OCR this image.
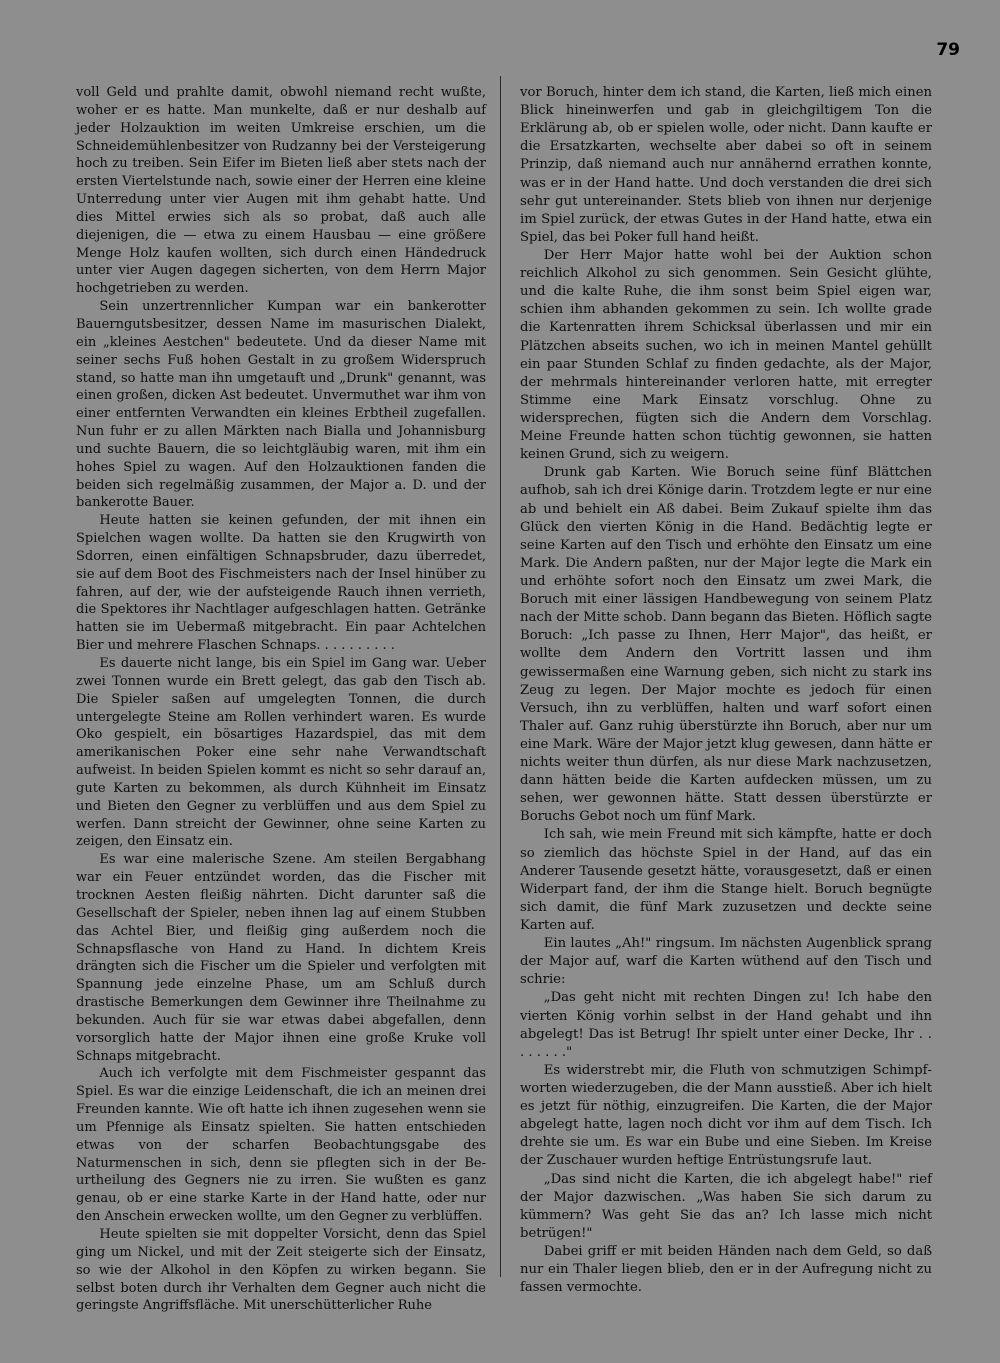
79

voll Geld und prahlte damit, obwohl niemand recht wußte, woher er es hatte. Man munkelte, daß er nur deshalb auf jeder Holzauktion im weiten Umkreise erschien, um die Schneidemühlenbesitzer von Rudzanny bei der Versteigerung hoch zu treiben. Sein Eifer im Bieten ließ aber stets nach der ersten Viertelstunde nach, sowie einer der Herren eine kleine Unterredung unter vier Augen mit ihm gehabt hatte. Und dies Mittel erwies sich als so probat, daß auch alle diejenigen, die — etwa zu einem Hausbau — eine größere Menge Holz kaufen wollten, sich durch einen Händedruck unter vier Augen dagegen sicherten, von dem Herrn Major hochgetrieben zu werden.

Sein unzertrennlicher Kumpan war ein bankerotter Bauerngutsbesitzer, dessen Name im masurischen Dialekt, ein „kleines Aestchen" bedeutete. Und da dieser Name mit seiner sechs Fuß hohen Gestalt in zu großem Widerspruch stand, so hatte man ihn umgetauft und „Drunk" genannt, was einen großen, dicken Ast bedeutet. Unvermuthet war ihm von einer entfernten Verwandten ein kleines Erbtheil zugefallen. Nun fuhr er zu allen Märkten nach Bialla und Johannisburg und suchte Bauern, die so leichtgläubig waren, mit ihm ein hohes Spiel zu wagen. Auf den Holzauktionen fanden die beiden sich regelmäßig zusammen, der Major a. D. und der bankerotte Bauer.

Heute hatten sie keinen gefunden, der mit ihnen ein Spielchen wagen wollte. Da hatten sie den Krugwirth von Sdorren, einen einfältigen Schnapsbruder, dazu überredet, sie auf dem Boot des Fischmeisters nach der Insel hinüber zu fahren, auf der, wie der aufsteigende Rauch ihnen verrieth, die Spektores ihr Nachtlager aufgeschlagen hatten. Getränke hatten sie im Uebermaß mitgebracht. Ein paar Achtelchen Bier und mehrere Flaschen Schnaps. . . . . . . . . .

Es dauerte nicht lange, bis ein Spiel im Gang war. Ueber zwei Tonnen wurde ein Brett gelegt, das gab den Tisch ab. Die Spieler saßen auf umgelegten Tonnen, die durch untergelegte Steine am Rollen verhindert waren. Es wurde Oko gespielt, ein bösartiges Hazardspiel, das mit dem amerikanischen Poker eine sehr nahe Verwandtschaft aufweist. In beiden Spielen kommt es nicht so sehr darauf an, gute Karten zu bekommen, als durch Kühnheit im Einsatz und Bieten den Gegner zu verblüffen und aus dem Spiel zu werfen. Dann streicht der Gewinner, ohne seine Karten zu zeigen, den Einsatz ein.

Es war eine malerische Szene. Am steilen Bergabhang war ein Feuer entzündet worden, das die Fischer mit trocknen Aesten fleißig nährten. Dicht darunter saß die Gesellschaft der Spieler, neben ihnen lag auf einem Stubben das Achtel Bier, und fleißig ging außerdem noch die Schnapsflasche von Hand zu Hand. In dichtem Kreis drängten sich die Fischer um die Spieler und verfolgten mit Spannung jede einzelne Phase, um am Schluß durch drastische Bemerkungen dem Gewinner ihre Theilnahme zu bekunden. Auch für sie war etwas dabei abgefallen, denn vorsorglich hatte der Major ihnen eine große Kruke voll Schnaps mitgebracht.

Auch ich verfolgte mit dem Fischmeister gespannt das Spiel. Es war die einzige Leidenschaft, die ich an meinen drei Freunden kannte. Wie oft hatte ich ihnen zugesehen wenn sie um Pfennige als Einsatz spielten. Sie hatten entschieden etwas von der scharfen Beobachtungsgabe des Naturmenschen in sich, denn sie pflegten sich in der Beurtheilung des Gegners nie zu irren. Sie wußten es ganz genau, ob er eine starke Karte in der Hand hatte, oder nur den Anschein erwecken wollte, um den Gegner zu verblüffen.

Heute spielten sie mit doppelter Vorsicht, denn das Spiel ging um Nickel, und mit der Zeit steigerte sich der Einsatz, so wie der Alkohol in den Köpfen zu wirken begann. Sie selbst boten durch ihr Verhalten dem Gegner auch nicht die geringste Angriffsfläche. Mit unerschütterlicher Ruhe

vor Boruch, hinter dem ich stand, die Karten, ließ mich einen Blick hineinwerfen und gab in gleichgiltigem Ton die Erklärung ab, ob er spielen wolle, oder nicht. Dann kaufte er die Ersatzkarten, wechselte aber dabei so oft in seinem Prinzip, daß niemand auch nur annähernd errathen konnte, was er in der Hand hatte. Und doch verstanden die drei sich sehr gut untereinander. Stets blieb von ihnen nur derjenige im Spiel zurück, der etwas Gutes in der Hand hatte, etwa ein Spiel, das bei Poker full hand heißt.

Der Herr Major hatte wohl bei der Auktion schon reichlich Alkohol zu sich genommen. Sein Gesicht glühte, und die kalte Ruhe, die ihm sonst beim Spiel eigen war, schien ihm abhanden gekommen zu sein. Ich wollte grade die Kartenratten ihrem Schicksal überlassen und mir ein Plätzchen abseits suchen, wo ich in meinen Mantel gehüllt ein paar Stunden Schlaf zu finden gedachte, als der Major, der mehrmals hintereinander verloren hatte, mit erregter Stimme eine Mark Einsatz vorschlug. Ohne zu widersprechen, fügten sich die Andern dem Vorschlag. Meine Freunde hatten schon tüchtig gewonnen, sie hatten keinen Grund, sich zu weigern.

Drunk gab Karten. Wie Boruch seine fünf Blättchen aufhob, sah ich drei Könige darin. Trotzdem legte er nur eine ab und behielt ein Aß dabei. Beim Zukauf spielte ihm das Glück den vierten König in die Hand. Bedächtig legte er seine Karten auf den Tisch und erhöhte den Einsatz um eine Mark. Die Andern paßten, nur der Major legte die Mark ein und erhöhte sofort noch den Einsatz um zwei Mark, die Boruch mit einer lässigen Handbewegung von seinem Platz nach der Mitte schob. Dann begann das Bieten. Höflich sagte Boruch: „Ich passe zu Ihnen, Herr Major", das heißt, er wollte dem Andern den Vortritt lassen und ihm gewissermaßen eine Warnung geben, sich nicht zu stark ins Zeug zu legen. Der Major mochte es jedoch für einen Versuch, ihn zu verblüffen, halten und warf sofort einen Thaler auf. Ganz ruhig überstürzte ihn Boruch, aber nur um eine Mark. Wäre der Major jetzt klug gewesen, dann hätte er nichts weiter thun dürfen, als nur diese Mark nachzusetzen, dann hätten beide die Karten aufdecken müssen, um zu sehen, wer gewonnen hätte. Statt dessen überstürzte er Boruchs Gebot noch um fünf Mark.

Ich sah, wie mein Freund mit sich kämpfte, hatte er doch so ziemlich das höchste Spiel in der Hand, auf das ein Anderer Tausende gesetzt hätte, vorausgesetzt, daß er einen Widerpart fand, der ihm die Stange hielt. Boruch begnügte sich damit, die fünf Mark zuzusetzen und deckte seine Karten auf.

Ein lautes „Ah!" ringsum. Im nächsten Augenblick sprang der Major auf, warf die Karten wüthend auf den Tisch und schrie:

„Das geht nicht mit rechten Dingen zu! Ich habe den vierten König vorhin selbst in der Hand gehabt und ihn abgelegt! Das ist Betrug! Ihr spielt unter einer Decke, Ihr . . . . . . . ."

Es widerstrebt mir, die Fluth von schmutzigen Schimpfworten wiederzugeben, die der Mann ausstieß. Aber ich hielt es jetzt für nöthig, einzugreifen. Die Karten, die der Major abgelegt hatte, lagen noch dicht vor ihm auf dem Tisch. Ich drehte sie um. Es war ein Bube und eine Sieben. Im Kreise der Zuschauer wurden heftige Entrüstungsrufe laut.

„Das sind nicht die Karten, die ich abgelegt habe!" rief der Major dazwischen. „Was haben Sie sich darum zu kümmern? Was geht Sie das an? Ich lasse mich nicht betrügen!"

Dabei griff er mit beiden Händen nach dem Geld, so daß nur ein Thaler liegen blieb, den er in der Aufregung nicht zu fassen vermochte.
